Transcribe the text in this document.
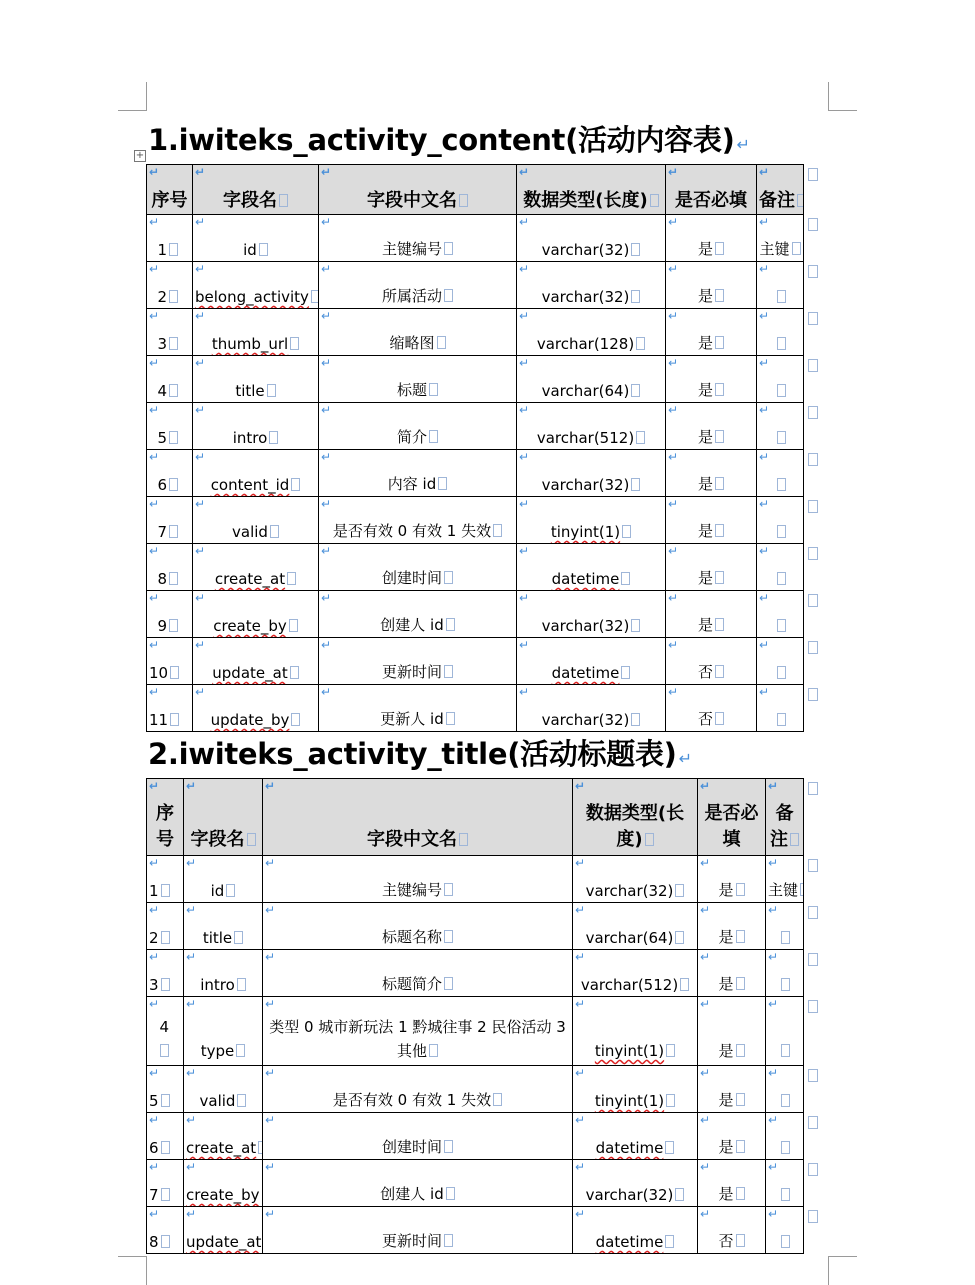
1.iwiteks_activity_content(活动内容表) ↵
+
↵ 序号	↵ 字段名	↵ 字段中文名	↵ 数据类型(长度)	↵ 是否必填	↵ 备注
↵ 1	↵ id	↵ 主键编号	↵ varchar(32)	↵ 是	↵ 主键
↵ 2	↵ belong_activity	↵ 所属活动	↵ varchar(32)	↵ 是	↵
↵ 3	↵ thumb_url	↵ 缩略图	↵ varchar(128)	↵ 是	↵
↵ 4	↵ title	↵ 标题	↵ varchar(64)	↵ 是	↵
↵ 5	↵ intro	↵ 简介	↵ varchar(512)	↵ 是	↵
↵ 6	↵ content_id	↵ 内容 id	↵ varchar(32)	↵ 是	↵
↵ 7	↵ valid	↵ 是否有效 0 有效 1 失效	↵ tinyint(1)	↵ 是	↵
↵ 8	↵ create_at	↵ 创建时间	↵ datetime	↵ 是	↵
↵ 9	↵ create_by	↵ 创建人 id	↵ varchar(32)	↵ 是	↵
↵ 10	↵ update_at	↵ 更新时间	↵ datetime	↵ 否	↵
↵ 11	↵ update_by	↵ 更新人 id	↵ varchar(32)	↵ 否	↵
2.iwiteks_activity_title(活动标题表) ↵
↵ 序号	↵ 字段名	↵ 字段中文名	↵ 数据类型(长度)	↵ 是否必填	↵ 备注
↵ 1	↵ id	↵ 主键编号	↵ varchar(32)	↵ 是	↵ 主键
↵ 2	↵ title	↵ 标题名称	↵ varchar(64)	↵ 是	↵
↵ 3	↵ intro	↵ 标题简介	↵ varchar(512)	↵ 是	↵
↵ 4	↵ type	↵ 类型 0 城市新玩法 1 黔城往事 2 民俗活动 3 其他	↵ tinyint(1)	↵ 是	↵
↵ 5	↵ valid	↵ 是否有效 0 有效 1 失效	↵ tinyint(1)	↵ 是	↵
↵ 6	↵ create_at	↵ 创建时间	↵ datetime	↵ 是	↵
↵ 7	↵ create_by	↵ 创建人 id	↵ varchar(32)	↵ 是	↵
↵ 8	↵ update_at	↵ 更新时间	↵ datetime	↵ 否	↵
